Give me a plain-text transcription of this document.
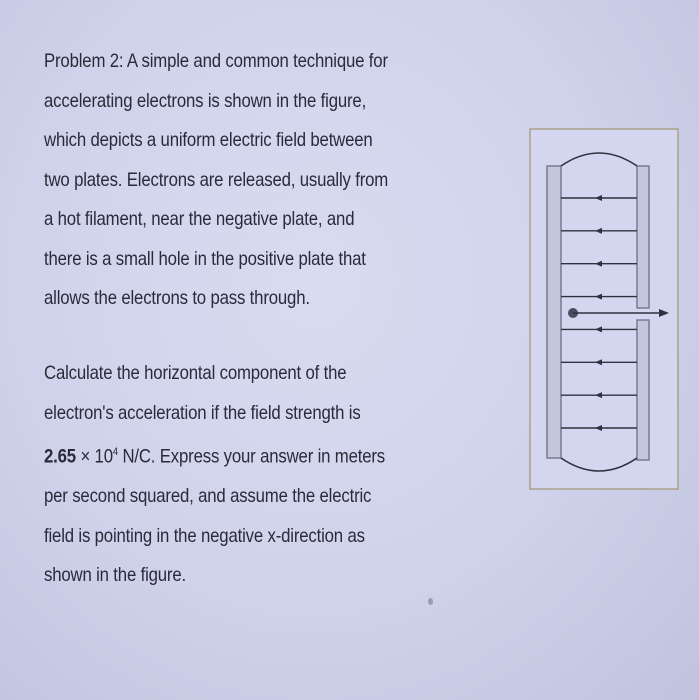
Problem 2: A simple and common technique for
accelerating electrons is shown in the figure,
which depicts a uniform electric field between
two plates. Electrons are released, usually from
a hot filament, near the negative plate, and
there is a small hole in the positive plate that
allows the electrons to pass through.
Calculate the horizontal component of the
electron's acceleration if the field strength is
$2.65 \times 10^4$ N/C. Express your answer in meters
per second squared, and assume the electric
field is pointing in the negative x-direction as
shown in the figure.
